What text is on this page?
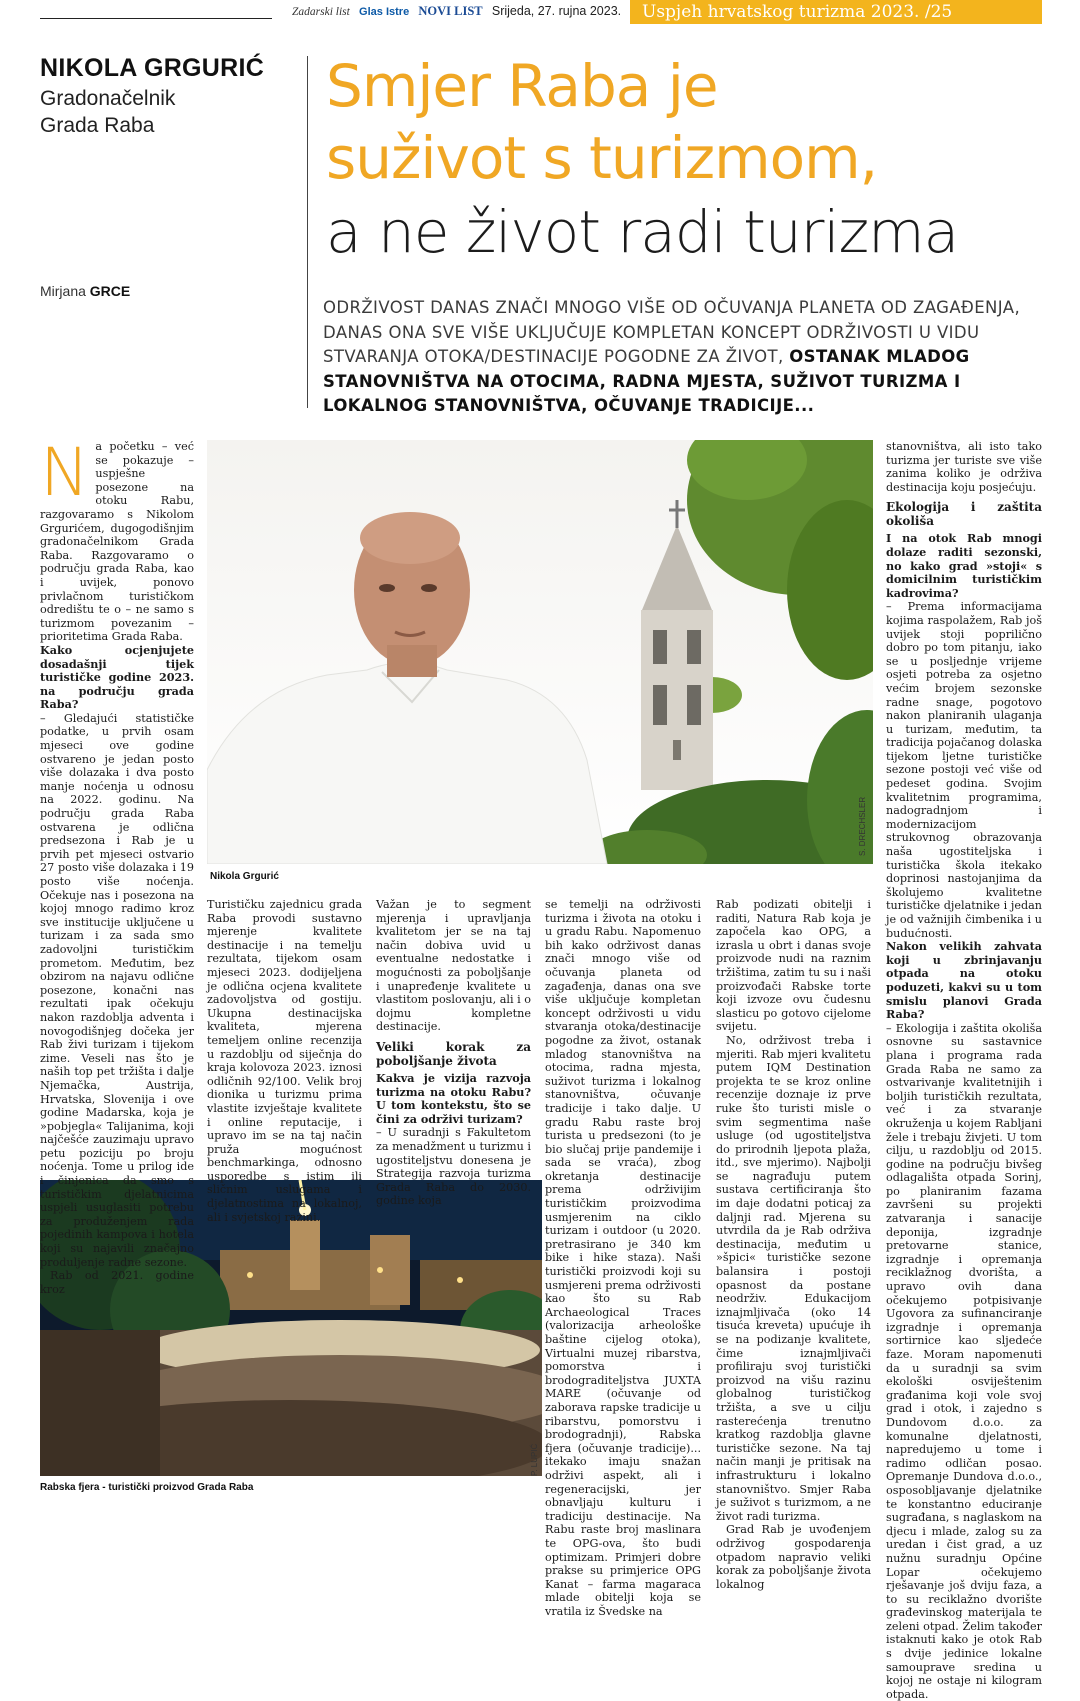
Zadarski list Glas Istre NOVI LIST Srijeda, 27. rujna 2023.	Uspjeh hrvatskog turizma 2023. /25
NIKOLA GRGURIĆ
Gradonačelnik
Grada Raba
Mirjana GRCE
Smjer Raba je
suživot s turizmom,
a ne život radi turizma
ODRŽIVOST DANAS ZNAČI MNOGO VIŠE OD OČUVANJA PLANETA OD ZAGAĐENJA, DANAS ONA SVE VIŠE UKLJUČUJE KOMPLETAN KONCEPT ODRŽIVOSTI U VIDU STVARANJA OTOKA/DESTINACIJE POGODNE ZA ŽIVOT, OSTANAK MLADOG STANOVNIŠTVA NA OTOCIMA, RADNA MJESTA, SUŽIVOT TURIZMA I LOKALNOG STANOVNIŠTVA, OČUVANJE TRADICIJE...
S. DRECHSLER
Nikola Grgurić
P. LUPIĆ
Rabska fjera - turistički proizvod Grada Raba
N a početku – već se pokazuje – uspješne posezone na otoku Rabu, razgovaramo s Nikolom Grgurićem, dugogodišnjim gradonačelnikom Grada Raba. Razgovaramo o području grada Raba, kao i uvijek, ponovo privlačnom turističkom odredištu te o – ne samo s turizmom povezanim – prioritetima Grada Raba.

Kako ocjenjujete dosadašnji tijek turističke godine 2023. na području grada Raba?

– Gledajući statističke podatke, u prvih osam mjeseci ove godine ostvareno je jedan posto više dolazaka i dva posto manje noćenja u odnosu na 2022. godinu. Na području grada Raba ostvarena je odlična predsezona i Rab je u prvih pet mjeseci ostvario 27 posto više dolazaka i 19 posto više noćenja. Očekuje nas i posezona na kojoj mnogo radimo kroz sve institucije uključene u turizam i za sada smo zadovoljni turističkim prometom. Međutim, bez obzirom na najavu odlične posezone, konačni nas rezultati ipak očekuju nakon razdoblja adventa i novogodišnjeg dočeka jer Rab živi turizam i tijekom zime. Veseli nas što je naših top pet tržišta i dalje Njemačka, Austrija, Hrvatska, Slovenija i ove godine Madarska, koja je »pobjegla« Talijanima, koji najčešće zauzimaju upravo petu poziciju po broju noćenja. Tome u prilog ide i činjenica da smo s turističkim djelatnicima uspjeli usuglasiti potrebu za produženjem rada pojedinih kampova i hotela koji su najavili značajno produljenje radne sezone.

Rab od 2021. godine kroz

Turističku zajednicu grada Raba provodi sustavno mjerenje kvalitete destinacije i na temelju rezultata, tijekom osam mjeseci 2023. dodijeljena je odlična ocjena kvalitete zadovoljstva od gostiju. Ukupna destinacijska kvaliteta, mjerena temeljem online recenzija u razdoblju od siječnja do kraja kolovoza 2023. iznosi odličnih 92/100. Velik broj dionika u turizmu prima vlastite izvještaje kvalitete i online reputacije, i upravo im se na taj način pruža mogućnost benchmarkinga, odnosno usporedbe s istim ili sličnim uslugama i djelatnostima na lokalnoj, ali i svjetskoj razini.

Važan je to segment mjerenja i upravljanja kvalitetom jer se na taj način dobiva uvid u eventualne nedostatke i mogućnosti za poboljšanje i unapređenje kvalitete u vlastitom poslovanju, ali i o dojmu kompletne destinacije.

Veliki korak za poboljšanje života

Kakva je vizija razvoja turizma na otoku Rabu? U tom kontekstu, što se čini za održivi turizam?

– U suradnji s Fakultetom za menadžment u turizmu i ugostiteljstvu donesena je Strategija razvoja turizma Grada Raba do 2030. godine koja

se temelji na održivosti turizma i života na otoku i u gradu Rabu. Napomenuo bih kako održivost danas znači mnogo više od očuvanja planeta od zagađenja, danas ona sve više uključuje kompletan koncept održivosti u vidu stvaranja otoka/destinacije pogodne za život, ostanak mladog stanovništva na otocima, radna mjesta, suživot turizma i lokalnog stanovništva, očuvanje tradicije i tako dalje. U gradu Rabu raste broj turista u predsezoni (to je bio slučaj prije pandemije i sada se vraća), zbog okretanja destinacije prema održivijim turističkim proizvodima usmjerenim na ciklo turizam i outdoor (u 2020. pretrasirano je 340 km bike i hike staza). Naši turistički proizvodi koji su usmjereni prema održivosti kao što su Rab Archaeological Traces (valorizacija arheološke baštine cijelog otoka), Virtualni muzej ribarstva, pomorstva i brodograditeljstva JUXTA MARE (očuvanje od zaborava rapske tradicije u ribarstvu, pomorstvu i brodogradnji), Rabska fjera (očuvanje tradicije)... itekako imaju snažan održivi aspekt, ali i regeneracijski, jer obnavljaju kulturu i tradiciju destinacije. Na Rabu raste broj maslinara te OPG-ova, što budi optimizam. Primjeri dobre prakse su primjerice OPG Kanat – farma magaraca mlade obitelji koja se vratila iz Švedske na

Rab podizati obitelji i raditi, Natura Rab koja je započela kao OPG, a izrasla u obrt i danas svoje proizvode nudi na raznim tržištima, zatim tu su i naši proizvođači Rabske torte koji izvoze ovu čudesnu slasticu po gotovo cijelome svijetu.

No, održivost treba i mjeriti. Rab mjeri kvalitetu putem IQM Destination projekta te se kroz online recenzije doznaje iz prve ruke što turisti misle o svim segmentima naše usluge (od ugostiteljstva do prirodnih ljepota plaža, itd., sve mjerimo). Najbolji se nagrađuju putem sustava certificiranja što im daje dodatni poticaj za daljnji rad. Mjerena su utvrdila da je Rab održiva destinacija, međutim u »špici« turističke sezone balansira i postoji opasnost da postane neodrživ. Edukacijom iznajmljivača (oko 14 tisuća kreveta) upućuje ih se na podizanje kvalitete, čime iznajmljivači profiliraju svoj turistički proizvod na višu razinu globalnog turističkog tržišta, a sve u cilju rasterećenja trenutno kratkog razdoblja glavne turističke sezone. Na taj način manji je pritisak na infrastrukturu i lokalno stanovništvo. Smjer Raba je suživot s turizmom, a ne život radi turizma.

Grad Rab je uvođenjem održivog gospodarenja otpadom napravio veliki korak za poboljšanje života lokalnog

stanovništva, ali isto tako turizma jer turiste sve više zanima koliko je održiva destinacija koju posjećuju.

Ekologija i zaštita okoliša

I na otok Rab mnogi dolaze raditi sezonski, no kako grad »stoji« s domicilnim turističkim kadrovima?

– Prema informacijama kojima raspolažem, Rab još uvijek stoji poprilično dobro po tom pitanju, iako se u posljednje vrijeme osjeti potreba za osjetno većim brojem sezonske radne snage, pogotovo nakon planiranih ulaganja u turizam, međutim, ta tradicija pojačanog dolaska tijekom ljetne turističke sezone postoji već više od pedeset godina. Svojim kvalitetnim programima, nadogradnjom i modernizacijom strukovnog obrazovanja naša ugostiteljska i turistička škola itekako doprinosi nastojanjima da školujemo kvalitetne turističke djelatnike i jedan je od važnijih čimbenika i u budućnosti.

Nakon velikih zahvata koji u zbrinjavanju otpada na otoku poduzeti, kakvi su u tom smislu planovi Grada Raba?

– Ekologija i zaštita okoliša osnovne su sastavnice plana i programa rada Grada Raba ne samo za ostvarivanje kvalitetnijih i boljih turističkih rezultata, već i za stvaranje okruženja u kojem Rabljani žele i trebaju živjeti. U tom cilju, u razdoblju od 2015. godine na području bivšeg odlagališta otpada Sorinj, po planiranim fazama završeni su projekti zatvaranja i sanacije deponija, izgradnje pretovarne stanice, izgradnje i opremanja reciklažnog dvorišta, a upravo ovih dana očekujemo potpisivanje Ugovora za sufinanciranje izgradnje i opremanja sortirnice kao sljedeće faze. Moram napomenuti da u suradnji sa svim ekološki osviještenim građanima koji vole svoj grad i otok, i zajedno s Dundovom d.o.o. za komunalne djelatnosti, napredujemo u tome i radimo odličan posao. Opremanje Dundova d.o.o., osposobljavanje djelatnike te konstantno educiranje sugrađana, s naglaskom na djecu i mlade, zalog su za uredan i čist grad, a uz nužnu suradnju Općine Lopar očekujemo rješavanje još dviju faza, a to su reciklažno dvorište građevinskog materijala te zeleni otpad. Želim također istaknuti kako je otok Rab s dvije jedinice lokalne samouprave sredina u kojoj ne ostaje ni kilogram otpada.
